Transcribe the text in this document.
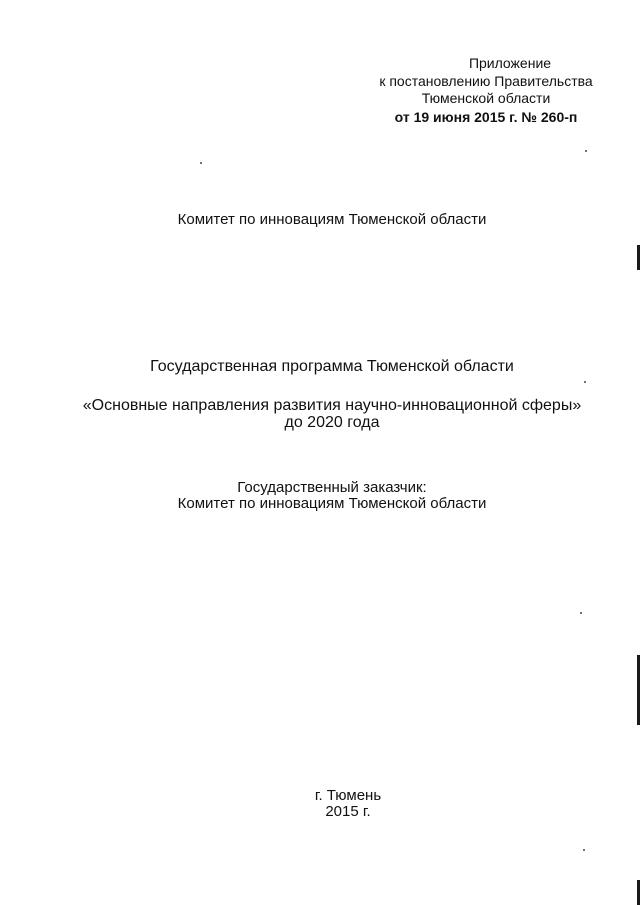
Приложение
к постановлению Правительства
Тюменской области
от 19 июня 2015 г. № 260-п
Комитет по инновациям Тюменской области
Государственная программа Тюменской области
«Основные направления развития научно-инновационной сферы»
до 2020 года
Государственный заказчик:
Комитет по инновациям Тюменской области
г. Тюмень
2015 г.
